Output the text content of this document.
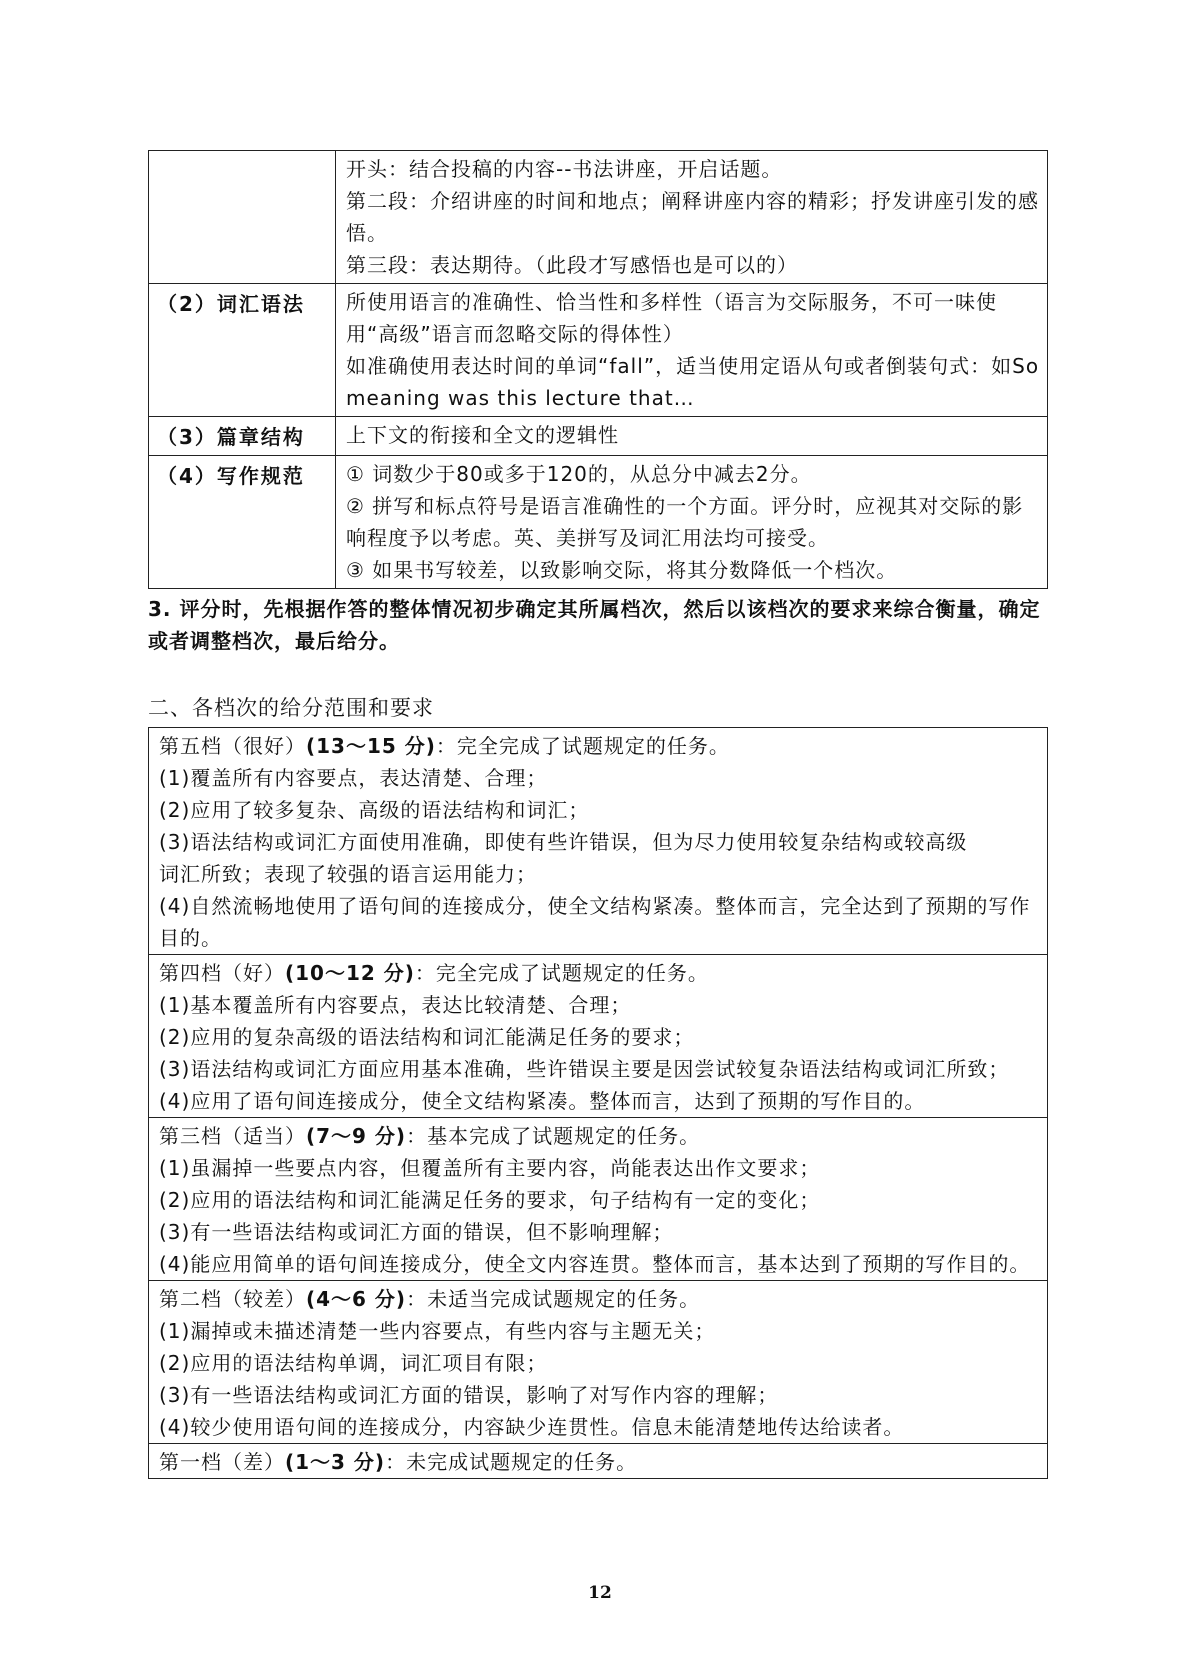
	开头：结合投稿的内容--书法讲座，开启话题。
第二段：介绍讲座的时间和地点；阐释讲座内容的精彩；抒发讲座引发的感悟。
第三段：表达期待。（此段才写感悟也是可以的）

（2）词汇语法	所使用语言的准确性、恰当性和多样性（语言为交际服务，不可一味使用“高级”语言而忽略交际的得体性）
如准确使用表达时间的单词“fall”，适当使用定语从句或者倒装句式：如So meaning was this lecture that…

（3）篇章结构	上下文的衔接和全文的逻辑性

（4）写作规范	① 词数少于80或多于120的，从总分中减去2分。
② 拼写和标点符号是语言准确性的一个方面。评分时，应视其对交际的影响程度予以考虑。英、美拼写及词汇用法均可接受。
③ 如果书写较差，以致影响交际，将其分数降低一个档次。

3. 评分时，先根据作答的整体情况初步确定其所属档次，然后以该档次的要求来综合衡量，确定或者调整档次，最后给分。

二、各档次的给分范围和要求
第五档（很好）(13～15 分)：完全完成了试题规定的任务。
(1)覆盖所有内容要点，表达清楚、合理；
(2)应用了较多复杂、高级的语法结构和词汇；
(3)语法结构或词汇方面使用准确，即使有些许错误，但为尽力使用较复杂结构或较高级
词汇所致；表现了较强的语言运用能力；
(4)自然流畅地使用了语句间的连接成分，使全文结构紧凑。整体而言，完全达到了预期的写作目的。

第四档（好）(10～12 分)：完全完成了试题规定的任务。
(1)基本覆盖所有内容要点，表达比较清楚、合理；
(2)应用的复杂高级的语法结构和词汇能满足任务的要求；
(3)语法结构或词汇方面应用基本准确，些许错误主要是因尝试较复杂语法结构或词汇所致；
(4)应用了语句间连接成分，使全文结构紧凑。整体而言，达到了预期的写作目的。

第三档（适当）(7～9 分)：基本完成了试题规定的任务。
(1)虽漏掉一些要点内容，但覆盖所有主要内容，尚能表达出作文要求；
(2)应用的语法结构和词汇能满足任务的要求，句子结构有一定的变化；
(3)有一些语法结构或词汇方面的错误，但不影响理解；
(4)能应用简单的语句间连接成分，使全文内容连贯。整体而言，基本达到了预期的写作目的。

第二档（较差）(4～6 分)：未适当完成试题规定的任务。
(1)漏掉或未描述清楚一些内容要点，有些内容与主题无关；
(2)应用的语法结构单调，词汇项目有限；
(3)有一些语法结构或词汇方面的错误，影响了对写作内容的理解；
(4)较少使用语句间的连接成分，内容缺少连贯性。信息未能清楚地传达给读者。

第一档（差）(1～3 分)：未完成试题规定的任务。
12
